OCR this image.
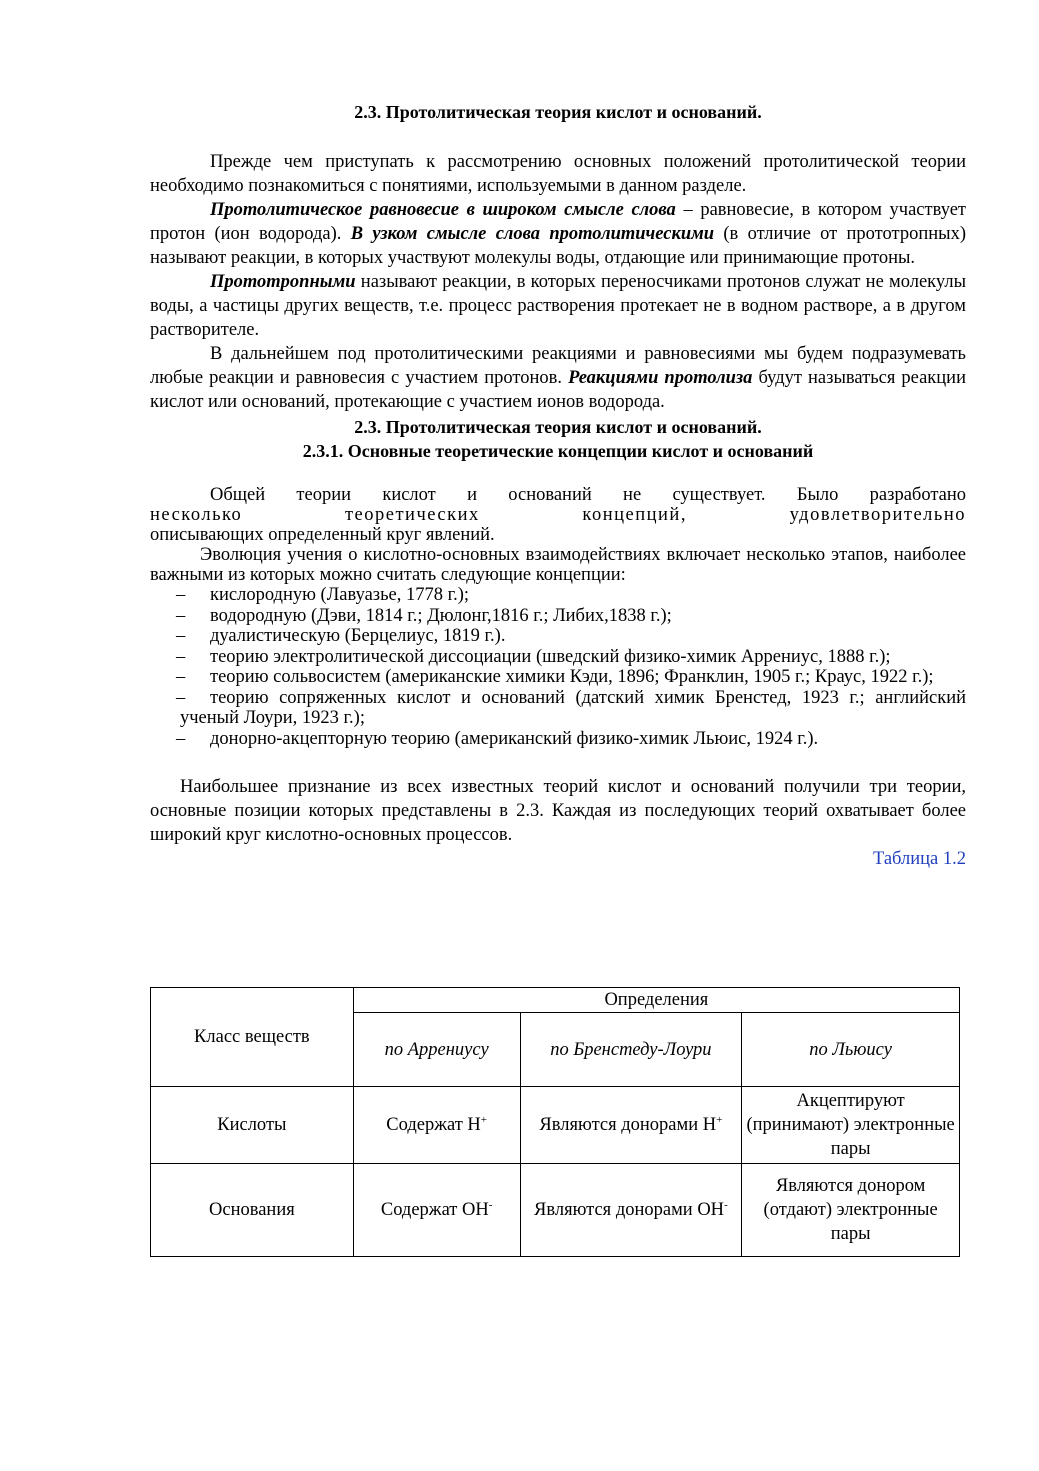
2.3. Протолитическая теория кислот и оснований.

Прежде чем приступать к рассмотрению основных положений протолитической теории необходимо познакомиться с понятиями, используемыми в данном разделе.

Протолитическое равновесие в широком смысле слова – равновесие, в котором участвует протон (ион водорода). В узком смысле слова протолитическими (в отличие от прототропных) называют реакции, в которых участвуют молекулы воды, отдающие или принимающие протоны.

Прототропными называют реакции, в которых переносчиками протонов служат не молекулы воды, а частицы других веществ, т.е. процесс растворения протекает не в водном растворе, а в другом растворителе.

В дальнейшем под протолитическими реакциями и равновесиями мы будем подразумевать любые реакции и равновесия с участием протонов. Реакциями протолиза будут называться реакции кислот или оснований, протекающие с участием ионов водорода.

2.3. Протолитическая теория кислот и оснований.

2.3.1. Основные теоретические концепции кислот и оснований

Общей теории кислот и оснований не существует. Было разработано

несколько теоретических концепций, удовлетворительно

описывающих определенный круг явлений.

Эволюция учения о кислотно-основных взаимодействиях включает несколько этапов, наиболее важными из которых можно считать следующие концепции:

– кислородную (Лавуазье, 1778 г.);
– водородную (Дэви, 1814 г.; Дюлонг,1816 г.; Либих,1838 г.);
– дуалистическую (Берцелиус, 1819 г.).
– теорию электролитической диссоциации (шведский физико-химик Аррениус, 1888 г.);
– теорию сольвосистем (американские химики Кэди, 1896; Франклин, 1905 г.; Краус, 1922 г.);
– теорию сопряженных кислот и оснований (датский химик Бренстед, 1923 г.; английский ученый Лоури, 1923 г.);
– донорно-акцепторную теорию (американский физико-химик Льюис, 1924 г.).

Наибольшее признание из всех известных теорий кислот и оснований получили три теории, основные позиции которых представлены в 2.3. Каждая из последующих теорий охватывает более широкий круг кислотно-основных процессов.

Таблица 1.2

Класс веществ	Определения		
	по Аррениусу	по Бренстеду-Лоури	по Льюису
Кислоты	Содержат H+	Являются донорами H+	Акцептируют (принимают) электронные пары
Основания	Содержат OH-	Являются донорами OH-	Являются донором (отдают) электронные пары
